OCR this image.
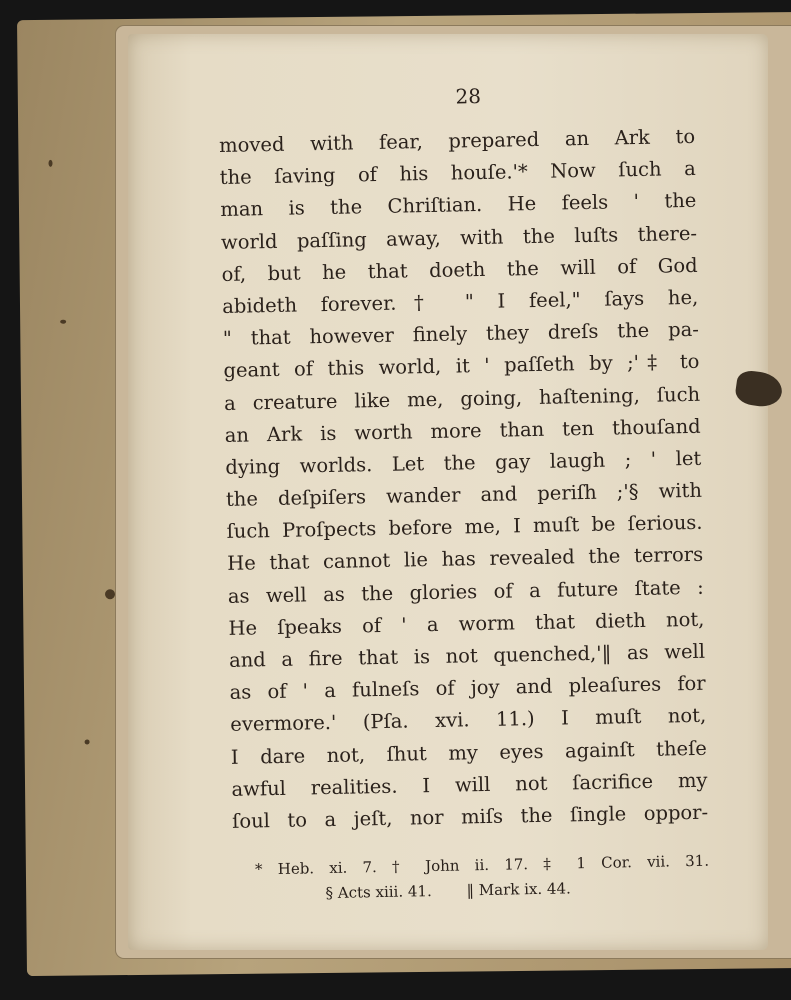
28
moved with fear, prepared an Ark to
the ſaving of his houſe.'* Now ſuch a
man is the Chriſtian. He feels ' the
world paſſing away, with the luſts there-
of, but he that doeth the will of God
abideth forever.† " I feel," ſays he,
" that however finely they dreſs the pa-
geant of this world, it ' paſſeth by ;'‡ to
a creature like me, going, haſtening, ſuch
an Ark is worth more than ten thouſand
dying worlds. Let the gay laugh ; ' let
the deſpiſers wander and periſh ;'§ with
ſuch Proſpects before me, I muſt be ſerious.
He that cannot lie has revealed the terrors
as well as the glories of a future ſtate :
He ſpeaks of ' a worm that dieth not,
and a fire that is not quenched,'‖ as well
as of ' a fulneſs of joy and pleaſures for
evermore.' (Pſa. xvi. 11.) I muſt not,
I dare not, ſhut my eyes againſt theſe
awful realities. I will not ſacrifice my
ſoul to a jeſt, nor miſs the ſingle oppor-
* Heb. xi. 7. † John ii. 17. ‡ 1 Cor. vii. 31.
§ Acts xiii. 41. ‖ Mark ix. 44.
